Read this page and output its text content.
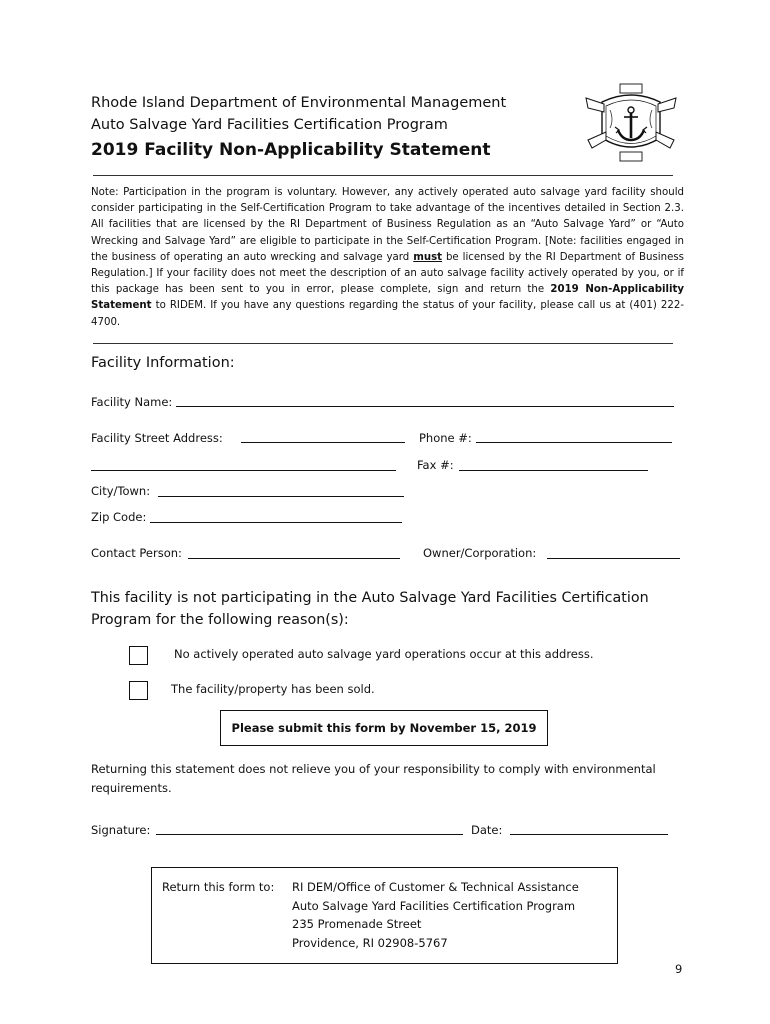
Rhode Island Department of Environmental Management
Auto Salvage Yard Facilities Certification Program
2019 Facility Non-Applicability Statement
Note: Participation in the program is voluntary. However, any actively operated auto salvage yard facility should consider participating in the Self-Certification Program to take advantage of the incentives detailed in Section 2.3. All facilities that are licensed by the RI Department of Business Regulation as an “Auto Salvage Yard” or “Auto Wrecking and Salvage Yard” are eligible to participate in the Self-Certification Program. [Note: facilities engaged in the business of operating an auto wrecking and salvage yard must be licensed by the RI Department of Business Regulation.] If your facility does not meet the description of an auto salvage facility actively operated by you, or if this package has been sent to you in error, please complete, sign and return the 2019 Non-Applicability Statement to RIDEM. If you have any questions regarding the status of your facility, please call us at (401) 222-4700.
Facility Information:
Facility Name:
Facility Street Address:	Phone #:
Fax #:
City/Town:
Zip Code:
Contact Person:	Owner/Corporation:
This facility is not participating in the Auto Salvage Yard Facilities Certification Program for the following reason(s):
No actively operated auto salvage yard operations occur at this address.
The facility/property has been sold.
Please submit this form by November 15, 2019
Returning this statement does not relieve you of your responsibility to comply with environmental requirements.
Signature:	Date:
Return this form to: RI DEM/Office of Customer & Technical Assistance
Auto Salvage Yard Facilities Certification Program
235 Promenade Street
Providence, RI 02908-5767
9
